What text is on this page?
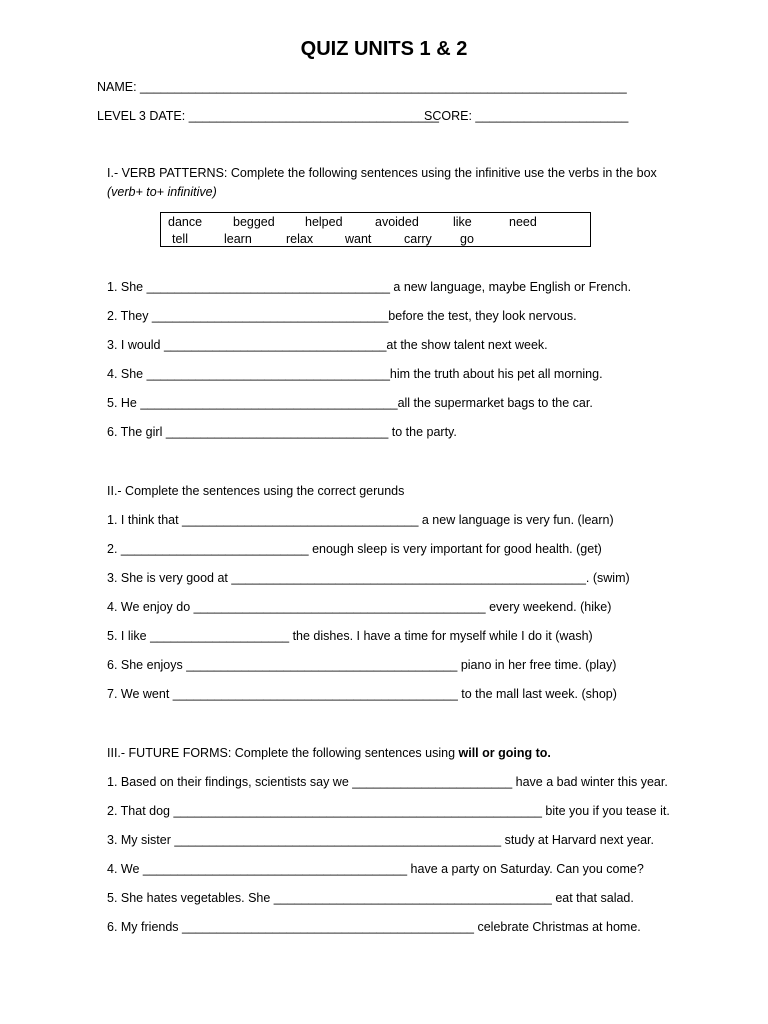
QUIZ UNITS 1 & 2
NAME: ______________________________________________________________________
LEVEL 3 DATE: ____________________________________
SCORE: ______________________
I.- VERB PATTERNS: Complete the following sentences using the infinitive use the verbs in the box
(verb+ to+ infinitive)
dance begged helped	avoided	like	need
tell	learn	relax	want	carry go
1. She ___________________________________ a new language, maybe English or French.
2. They __________________________________before the test, they look nervous.
3. I would ________________________________at the show talent next week.
4. She ___________________________________him the truth about his pet all morning.
5. He _____________________________________all the supermarket bags to the car.
6. The girl ________________________________ to the party.
II.- Complete the sentences using the correct gerunds
1. I think that __________________________________ a new language is very fun. (learn)
2. ___________________________ enough sleep is very important for good health. (get)
3. She is very good at ___________________________________________________. (swim)
4. We enjoy do __________________________________________ every weekend. (hike)
5. I like ____________________ the dishes. I have a time for myself while I do it (wash)
6. She enjoys _______________________________________ piano in her free time. (play)
7. We went _________________________________________ to the mall last week. (shop)
III.- FUTURE FORMS: Complete the following sentences using will or going to.
1. Based on their findings, scientists say we _______________________ have a bad winter this year.
2. That dog _____________________________________________________ bite you if you tease it.
3. My sister _______________________________________________ study at Harvard next year.
4. We ______________________________________ have a party on Saturday. Can you come?
5. She hates vegetables. She ________________________________________ eat that salad.
6. My friends __________________________________________ celebrate Christmas at home.
